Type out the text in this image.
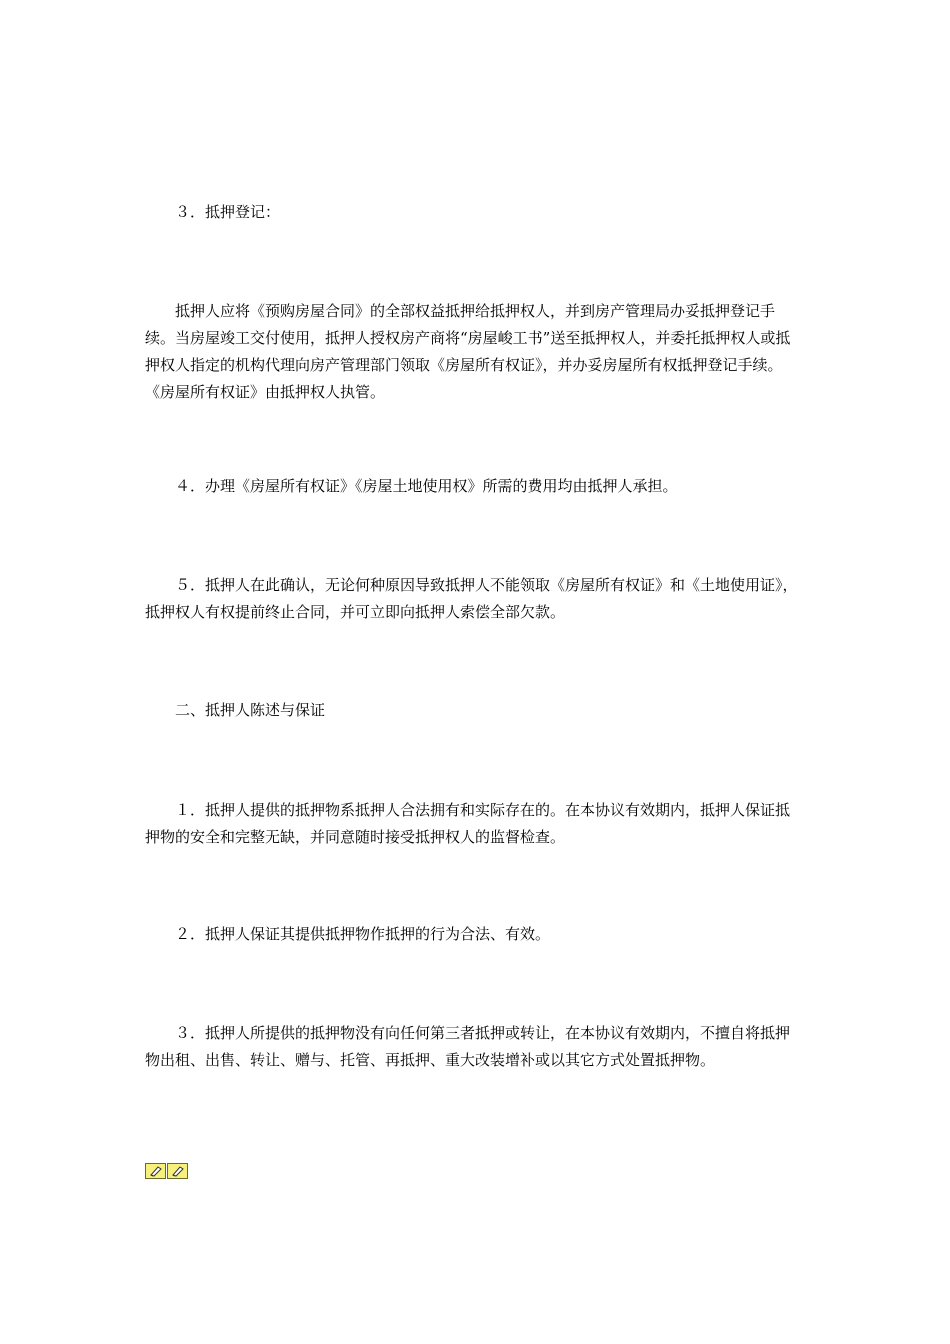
３．抵押登记：

抵押人应将《预购房屋合同》的全部权益抵押给抵押权人，并到房产管理局办妥抵押登记手续。当房屋竣工交付使用，抵押人授权房产商将“房屋峻工书”送至抵押权人，并委托抵押权人或抵押权人指定的机构代理向房产管理部门领取《房屋所有权证》，并办妥房屋所有权抵押登记手续。《房屋所有权证》由抵押权人执管。

４．办理《房屋所有权证》《房屋土地使用权》所需的费用均由抵押人承担。

５．抵押人在此确认，无论何种原因导致抵押人不能领取《房屋所有权证》和《土地使用证》，抵押权人有权提前终止合同，并可立即向抵押人索偿全部欠款。

二、抵押人陈述与保证

１．抵押人提供的抵押物系抵押人合法拥有和实际存在的。在本协议有效期内，抵押人保证抵押物的安全和完整无缺，并同意随时接受抵押权人的监督检查。

２．抵押人保证其提供抵押物作抵押的行为合法、有效。

３．抵押人所提供的抵押物没有向任何第三者抵押或转让，在本协议有效期内，不擅自将抵押物出租、出售、转让、赠与、托管、再抵押、重大改装增补或以其它方式处置抵押物。
